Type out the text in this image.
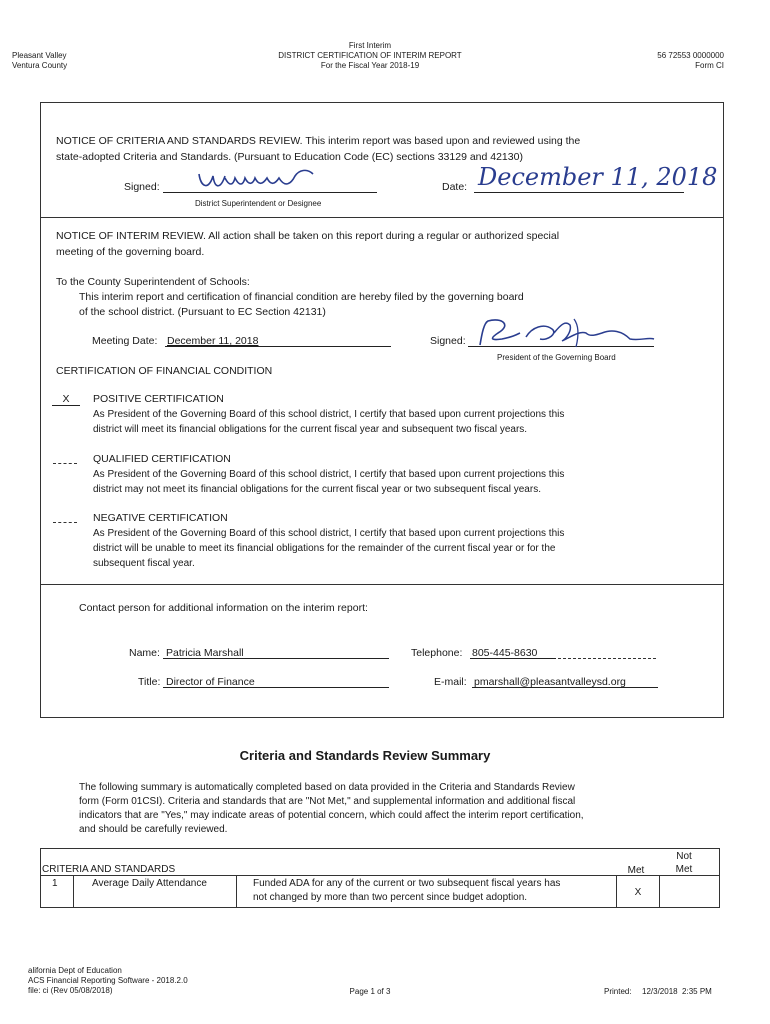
Pleasant Valley
Ventura County
First Interim
DISTRICT CERTIFICATION OF INTERIM REPORT
For the Fiscal Year 2018-19
56 72553 0000000
Form CI
NOTICE OF CRITERIA AND STANDARDS REVIEW. This interim report was based upon and reviewed using the
state-adopted Criteria and Standards. (Pursuant to Education Code (EC) sections 33129 and 42130)
Signed:
District Superintendent or Designee
Date: December 11, 2018
NOTICE OF INTERIM REVIEW. All action shall be taken on this report during a regular or authorized special
meeting of the governing board.
To the County Superintendent of Schools:
This interim report and certification of financial condition are hereby filed by the governing board
of the school district. (Pursuant to EC Section 42131)
Meeting Date: December 11, 2018	Signed:
President of the Governing Board
CERTIFICATION OF FINANCIAL CONDITION
X	POSITIVE CERTIFICATION
As President of the Governing Board of this school district, I certify that based upon current projections this
district will meet its financial obligations for the current fiscal year and subsequent two fiscal years.
QUALIFIED CERTIFICATION
As President of the Governing Board of this school district, I certify that based upon current projections this
district may not meet its financial obligations for the current fiscal year or two subsequent fiscal years.
NEGATIVE CERTIFICATION
As President of the Governing Board of this school district, I certify that based upon current projections this
district will be unable to meet its financial obligations for the remainder of the current fiscal year or for the
subsequent fiscal year.
Contact person for additional information on the interim report:
Name: Patricia Marshall	Telephone: 805-445-8630
Title: Director of Finance	E-mail: pmarshall@pleasantvalleysd.org
Criteria and Standards Review Summary
The following summary is automatically completed based on data provided in the Criteria and Standards Review
form (Form 01CSI). Criteria and standards that are "Not Met," and supplemental information and additional fiscal
indicators that are "Yes," may indicate areas of potential concern, which could affect the interim report certification,
and should be carefully reviewed.
CRITERIA AND STANDARDS	Met
Not
Met
1	Average Daily Attendance	Funded ADA for any of the current or two subsequent fiscal years has
not changed by more than two percent since budget adoption.	X
alifornia Dept of Education
ACS Financial Reporting Software - 2018.2.0
file: ci (Rev 05/08/2018)	Page 1 of 3	Printed: 12/3/2018  2:35 PM
